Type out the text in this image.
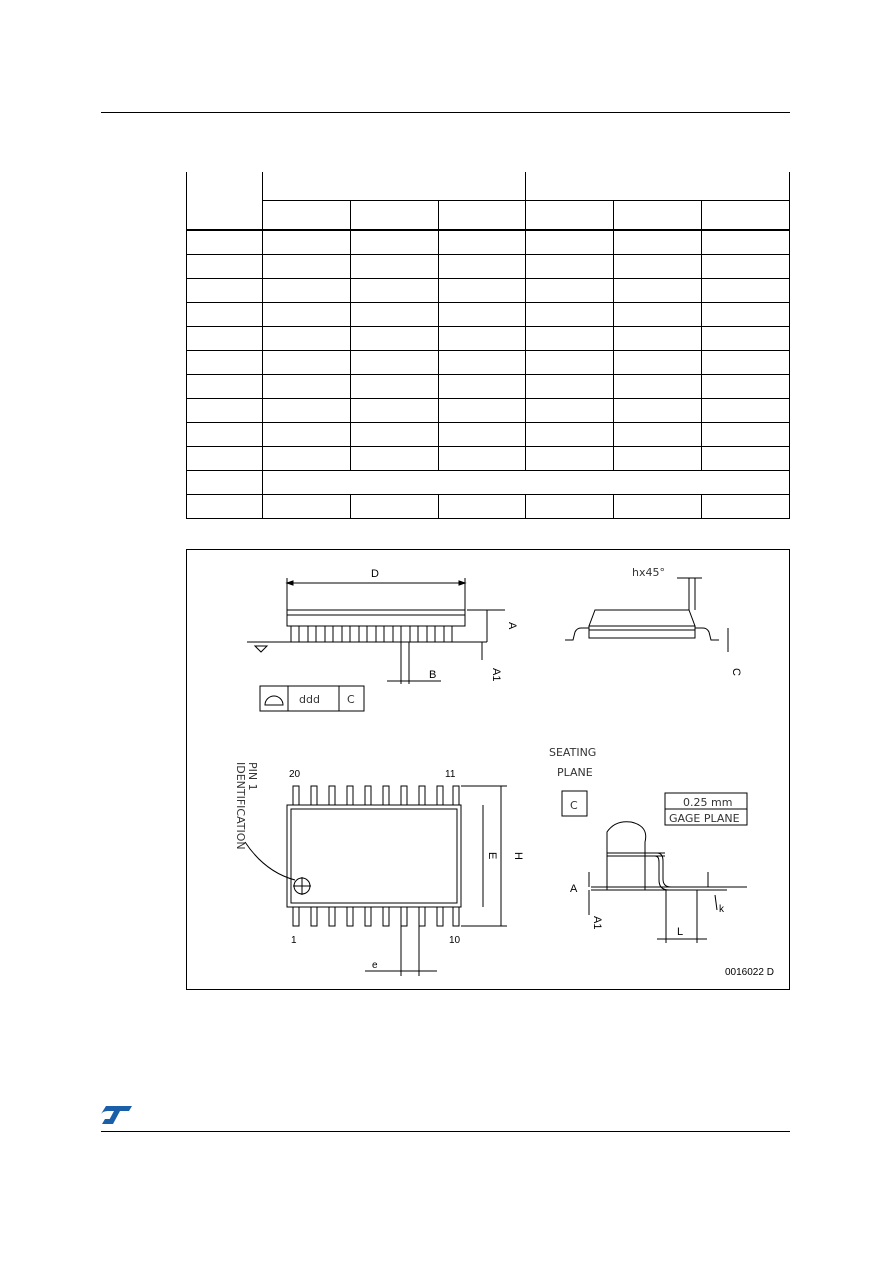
D
A
A1
B
ddd C
hx45°
C
20	11
1	10
PIN 1
IDENTIFICATION
E H
e
SEATING
PLANE
C	0.25 mm
GAGE PLANE
A
A1
L
k
0016022 D
